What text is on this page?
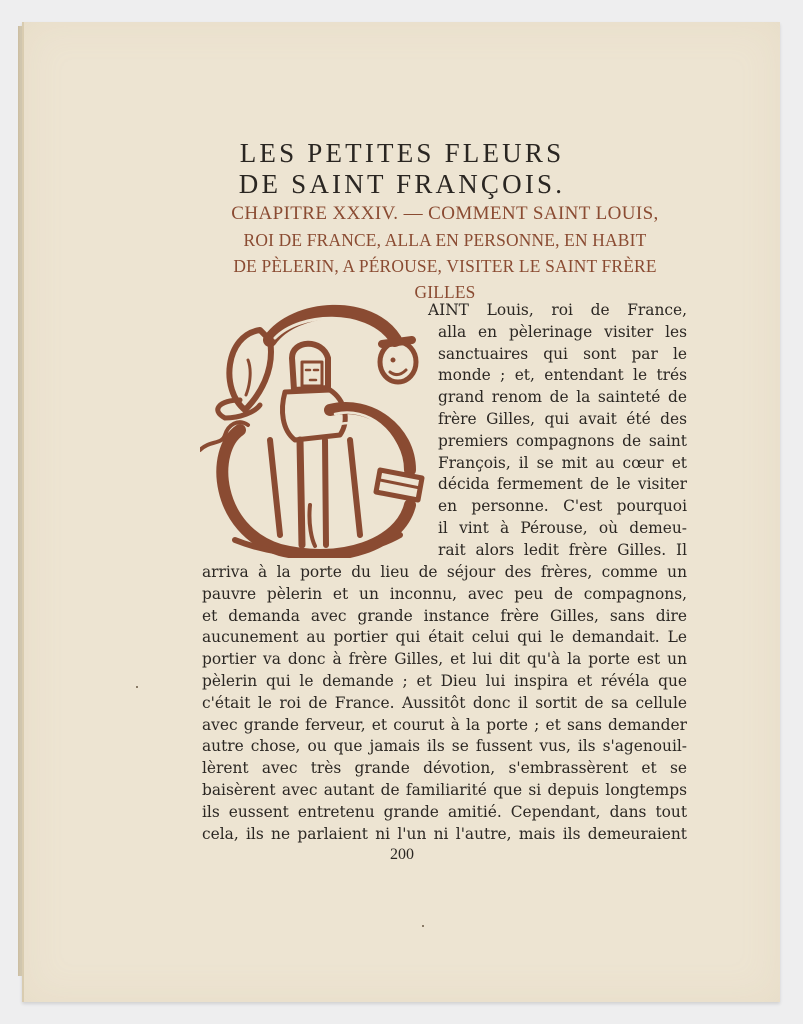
LES PETITES FLEURS
DE SAINT FRANÇOIS.
CHAPITRE XXXIV. — COMMENT SAINT LOUIS,
ROI DE FRANCE, ALLA EN PERSONNE, EN HABIT
DE PÈLERIN, A PÉROUSE, VISITER LE SAINT FRÈRE
GILLES
AINT Louis, roi de France,
alla en pèlerinage visiter les
sanctuaires qui sont par le
monde ; et, entendant le trés
grand renom de la sainteté de
frère Gilles, qui avait été des
premiers compagnons de saint
François, il se mit au cœur et
décida fermement de le visiter
en personne. C'est pourquoi
il vint à Pérouse, où demeu-
rait alors ledit frère Gilles. Il
arriva à la porte du lieu de séjour des frères, comme un
pauvre pèlerin et un inconnu, avec peu de compagnons,
et demanda avec grande instance frère Gilles, sans dire
aucunement au portier qui était celui qui le demandait. Le
portier va donc à frère Gilles, et lui dit qu'à la porte est un
pèlerin qui le demande ; et Dieu lui inspira et révéla que
c'était le roi de France. Aussitôt donc il sortit de sa cellule
avec grande ferveur, et courut à la porte ; et sans demander
autre chose, ou que jamais ils se fussent vus, ils s'agenouil-
lèrent avec très grande dévotion, s'embrassèrent et se
baisèrent avec autant de familiarité que si depuis longtemps
ils eussent entretenu grande amitié. Cependant, dans tout
cela, ils ne parlaient ni l'un ni l'autre, mais ils demeuraient
200
